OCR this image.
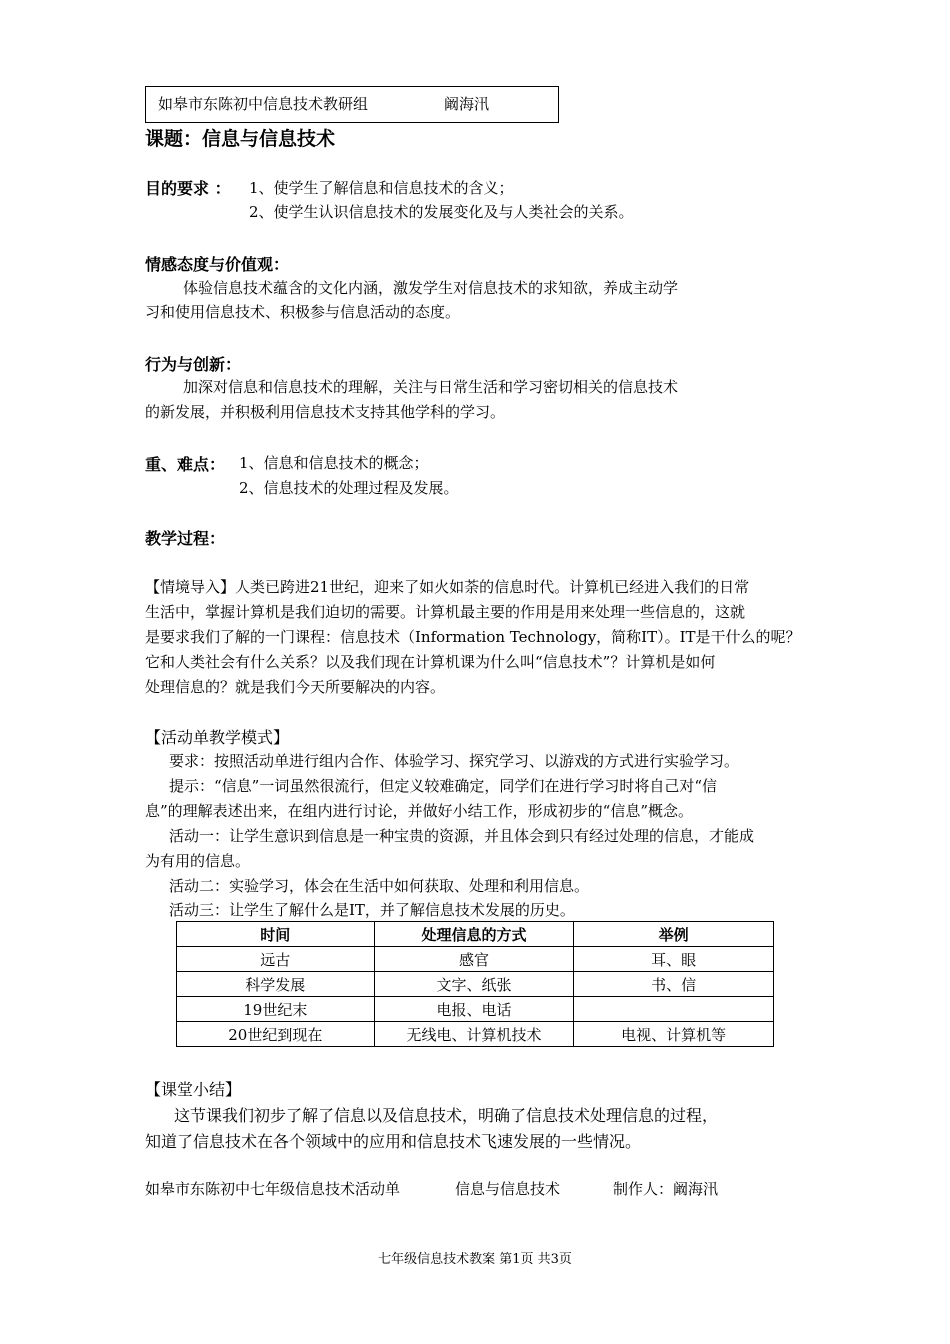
如皋市东陈初中信息技术教研组	阚海汛
课题：信息与信息技术
目的要求 ： 1、使学生了解信息和信息技术的含义；
2、使学生认识信息技术的发展变化及与人类社会的关系。
情感态度与价值观：
体验信息技术蕴含的文化内涵，激发学生对信息技术的求知欲，养成主动学
习和使用信息技术、积极参与信息活动的态度。
行为与创新：
加深对信息和信息技术的理解，关注与日常生活和学习密切相关的信息技术
的新发展，并积极利用信息技术支持其他学科的学习。
重、难点： 1、信息和信息技术的概念；
2、信息技术的处理过程及发展。
教学过程：
【情境导入】人类已跨进21世纪，迎来了如火如荼的信息时代。计算机已经进入我们的日常
生活中，掌握计算机是我们迫切的需要。计算机最主要的作用是用来处理一些信息的，这就
是要求我们了解的一门课程：信息技术（Information Technology，简称IT）。IT是干什么的呢？
它和人类社会有什么关系？以及我们现在计算机课为什么叫“信息技术”？计算机是如何
处理信息的？就是我们今天所要解决的内容。
【活动单教学模式】
要求：按照活动单进行组内合作、体验学习、探究学习、以游戏的方式进行实验学习。
提示：“信息”一词虽然很流行，但定义较难确定，同学们在进行学习时将自己对“信
息”的理解表述出来，在组内进行讨论，并做好小结工作，形成初步的“信息”概念。
活动一：让学生意识到信息是一种宝贵的资源，并且体会到只有经过处理的信息，才能成
为有用的信息。
活动二：实验学习，体会在生活中如何获取、处理和利用信息。
活动三：让学生了解什么是IT，并了解信息技术发展的历史。
时间	处理信息的方式	举例
远古	感官	耳、眼
科学发展	文字、纸张	书、信
19世纪末	电报、电话	
20世纪到现在	无线电、计算机技术	电视、计算机等
【课堂小结】
这节课我们初步了解了信息以及信息技术，明确了信息技术处理信息的过程，
知道了信息技术在各个领域中的应用和信息技术飞速发展的一些情况。
如皋市东陈初中七年级信息技术活动单	信息与信息技术	制作人：阚海汛
七年级信息技术教案 第1页 共3页
